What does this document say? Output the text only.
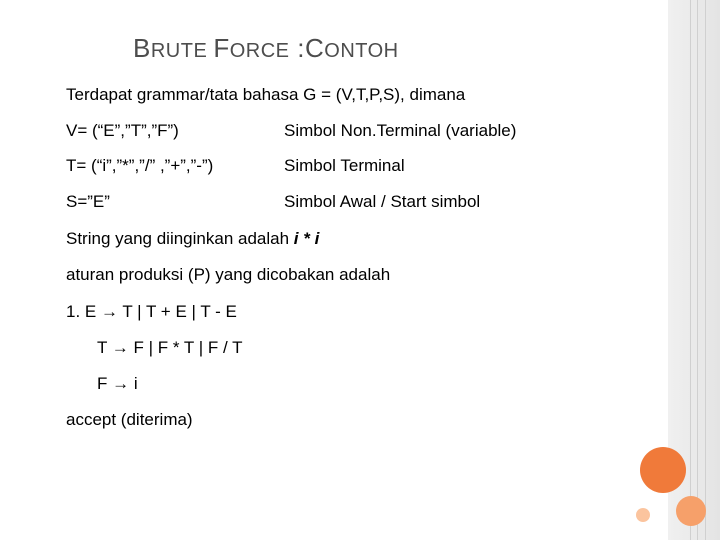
BRUTE FORCE :CONTOH
Terdapat grammar/tata bahasa G = (V,T,P,S), dimana
V= (“E”,”T”,”F”)	Simbol Non.Terminal (variable)
T= (“i”,”*”,”/” ,”+”,”-”)	Simbol Terminal
S=”E”	Simbol Awal / Start simbol
String yang diinginkan adalah i * i
aturan produksi (P) yang dicobakan adalah
1. E → T | T + E | T - E
T → F | F * T | F / T
F → i
accept (diterima)
